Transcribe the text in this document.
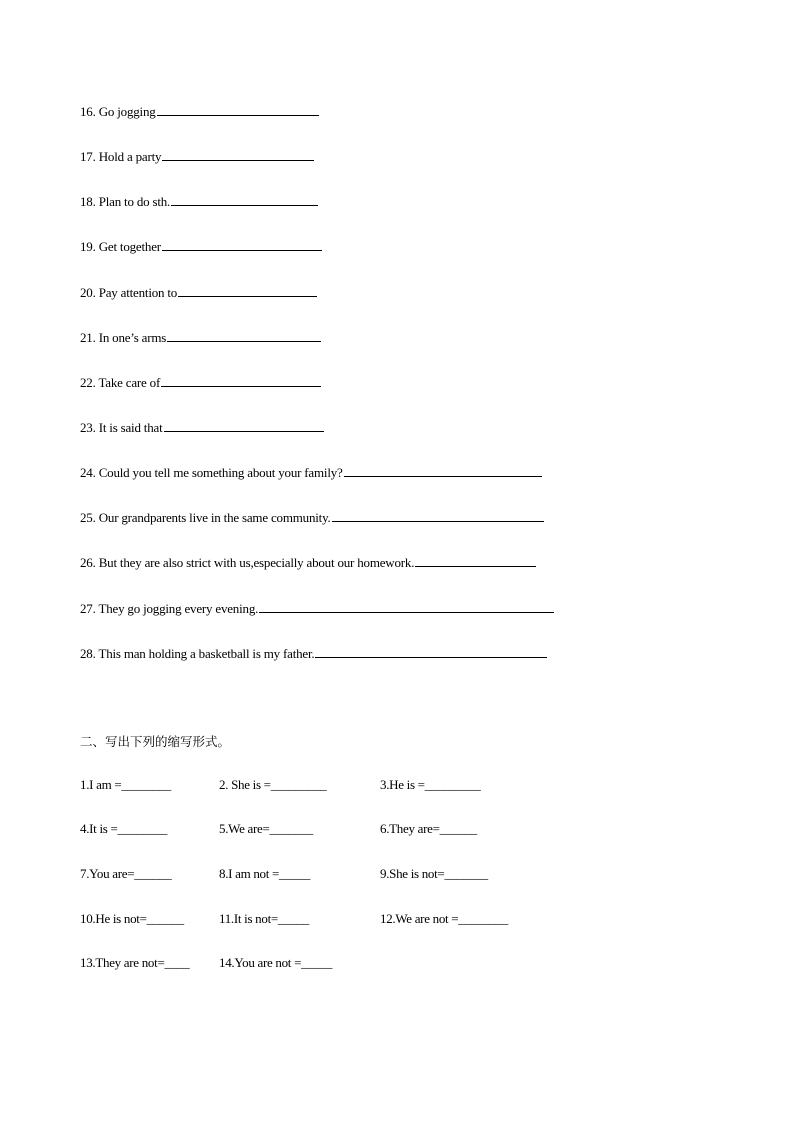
16. Go jogging
17. Hold a party
18. Plan to do sth.
19. Get together
20. Pay attention to
21. In one’s arms
22. Take care of
23. It is said that
24. Could you tell me something about your family?
25. Our grandparents live in the same community.
26. But they are also strict with us,especially about our homework.
27. They go jogging every evening.
28. This man holding a basketball is my father.
二、写出下列的缩写形式。
1.I am =________	2. She is =_________	3.He is =_________
4.It is =________	5.We are=_______	6.They are=______
7.You are=______	8.I am not =_____	9.She is not=_______
10.He is not=______	11.It is not=_____	12.We are not =________
13.They are not=____ 14.You are not =_____
